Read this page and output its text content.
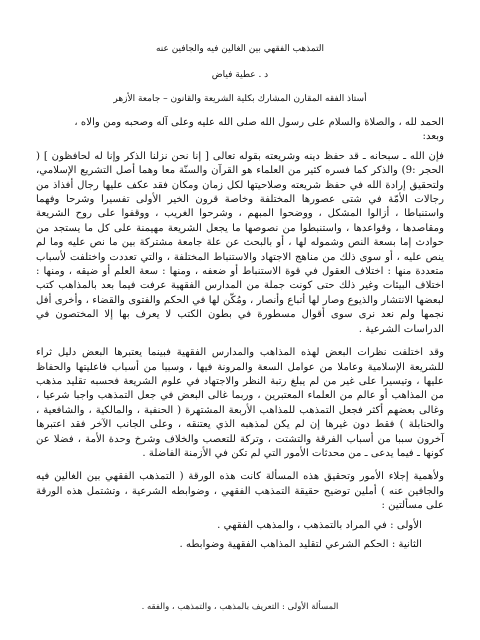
التمذهب الفقهي بين الغالين فيه والجافين عنه
د . عطية فياض
أستاذ الفقه المقارن المشارك بكلية الشريعة والقانون – جامعة الأزهر

الحمد لله ، والصلاة والسلام على رسول الله صلى الله عليه وعلى آله وصحبه ومن والاه ،

وبعد:

فإن الله ـ سبحانه ـ قد حفظ دينه وشريعته بقوله تعالى [ إنا نحن نزلنا الذكر وإنا له لحافظون ] ( الحجر :9) والذكر كما فسره كثير من العلماء هو القرآن والسنّة معا وهما أصل التشريع الإسلامي، ولتحقيق إرادة الله في حفظ شريعته وصلاحيتها لكل زمان ومكان فقد عكف عليها رجال أفذاذ من رجالات الأمّة في شتى عصورها المختلفة وخاصة قرون الخير الأولى تفسيرا وشرحا وفهما واستنباطا ، أزالوا المشكل ، ووضحوا المبهم ، وشرحوا الغريب ، ووقفوا على روح الشريعة ومقاصدها ، وقواعدها ، واستنبطوا من نصوصها ما يجعل الشريعة مهيمنة على كل ما يستجد من حوادث إما بسعة النص وشموله لها ، أو بالبحث عن علة جامعة مشتركة بين ما نص عليه وما لم ينص عليه ، أو سوى ذلك من مناهج الاجتهاد والاستنباط المختلفة ، والتي تعددت واختلفت لأسباب متعددة منها : اختلاف العقول في قوة الاستنباط أو ضعفه ، ومنها : سعة العلم أو ضيقه ، ومنها : اختلاف البيئات وغير ذلك حتى كونت جملة من المدارس الفقهية عرفت فيما بعد بالمذاهب كتب لبعضها الانتشار والذيوع وصار لها أتباع وأنصار ، ومُكّن لها في الحكم والفتوى والقضاء ، وأخرى أفل نجمها ولم نعد نرى سوى أقوال مسطورة في بطون الكتب لا يعرف بها إلا المختصون في الدراسات الشرعية .

وقد اختلفت نظرات البعض لهذه المذاهب والمدارس الفقهية فبينما يعتبرها البعض دليل ثراء للشريعة الإسلامية وعاملا من عوامل السعة والمرونة فيها ، وسببا من أسباب فاعليتها والحفاظ عليها ، وتيسيرا على غير من لم يبلغ رتبة النظر والاجتهاد في علوم الشريعة فحسبه تقليد مذهب من المذاهب أو عالم من العلماء المعتبرين ، وربما غالى البعض في جعل التمذهب واجبا شرعيا ، وغالى بعضهم أكثر فجعل التمذهب للمذاهب الأربعة المشتهرة ( الحنفية ، والمالكية ، والشافعية ، والحنابلة ) فقط دون غيرها إن لم يكن لمذهبه الذي يعتنقه ، وعلى الجانب الآخر فقد اعتبرها آخرون سببا من أسباب الفرقة والتشتت ، وتركة للتعصب والخلاف وشرخ وحدة الأمة ، فضلا عن كونها ـ فيما يدعى ـ من محدثات الأمور التي لم تكن في الأزمنة الفاضلة .

ولأهمية إجلاء الأمور وتحقيق هذه المسألة كانت هذه الورقة ( التمذهب الفقهي بين الغالين فيه والجافين عنه ) أملين توضيح حقيقة التمذهب الفقهي ، وضوابطه الشرعية ، وتشتمل هذه الورقة على مسألتين :

الأولى : في المراد بالتمذهب ، والمذهب الفقهي .
الثانية : الحكم الشرعي لتقليد المذاهب الفقهية وضوابطه .
المسألة الأولى : التعريف بالمذهب ، والتمذهب ، والفقه .
